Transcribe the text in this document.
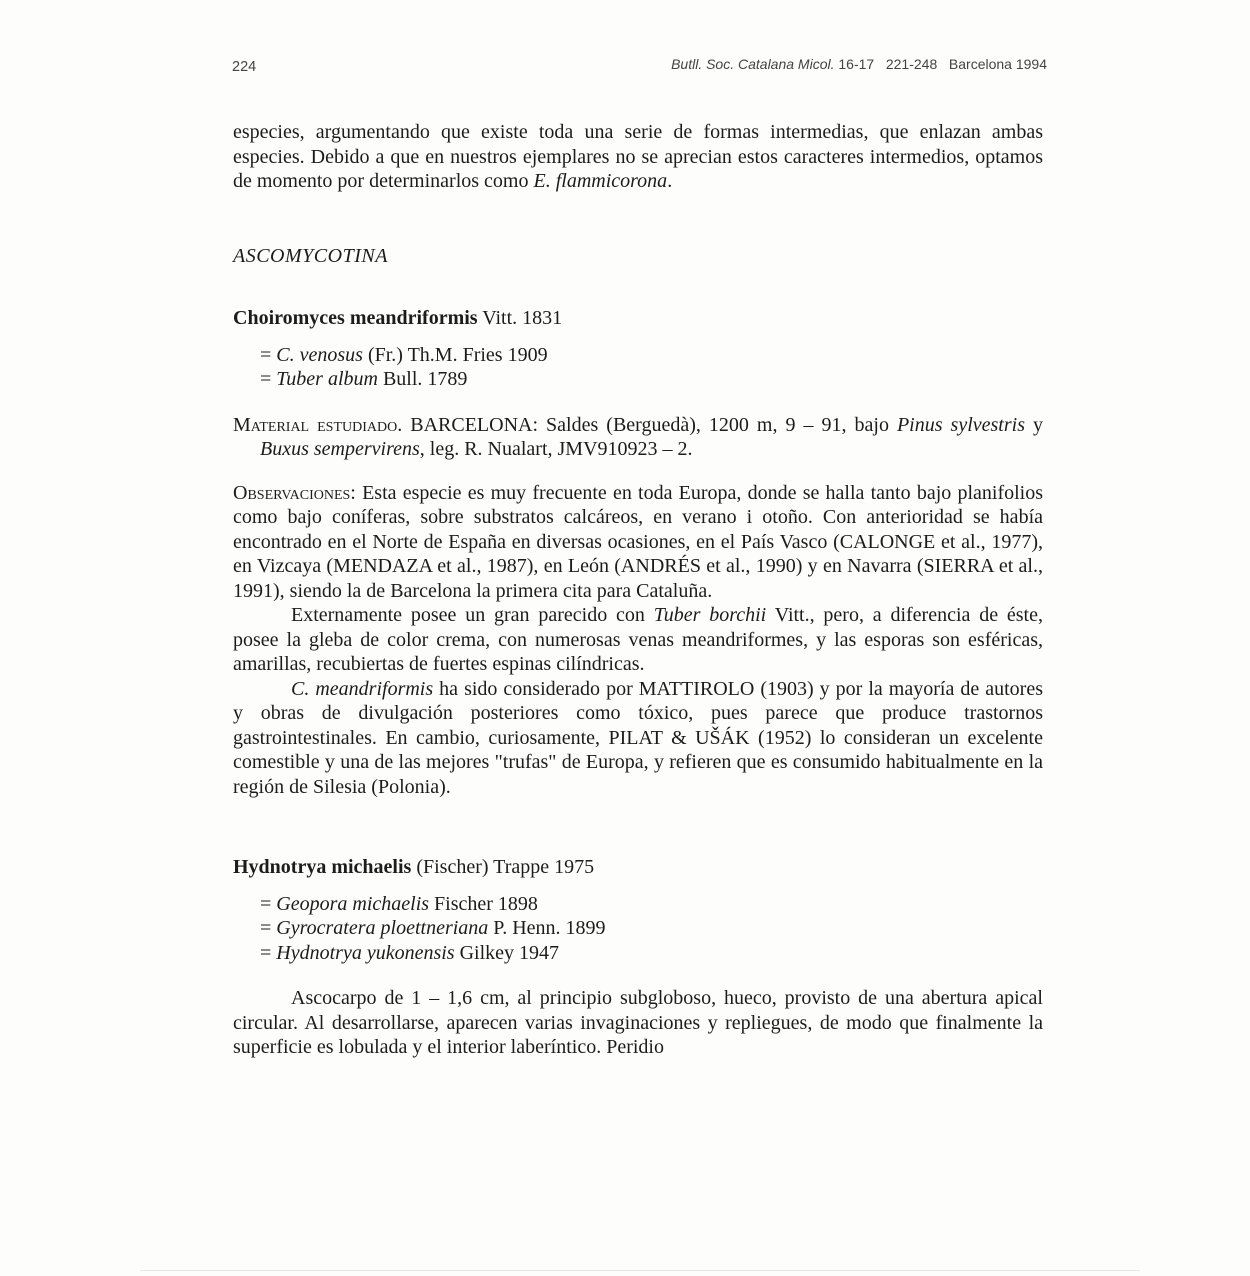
224	Butll. Soc. Catalana Micol. 16-17 221-248 Barcelona 1994

especies, argumentando que existe toda una serie de formas intermedias, que enlazan ambas especies. Debido a que en nuestros ejemplares no se aprecian estos caracteres intermedios, optamos de momento por determinarlos como E. flammicorona.

ASCOMYCOTINA
Choiromyces meandriformis Vitt. 1831
= C. venosus (Fr.) Th.M. Fries 1909
= Tuber album Bull. 1789

Material estudiado. BARCELONA: Saldes (Berguedà), 1200 m, 9 – 91, bajo Pinus sylvestris y Buxus sempervirens, leg. R. Nualart, JMV910923 – 2.

Observaciones: Esta especie es muy frecuente en toda Europa, donde se halla tanto bajo planifolios como bajo coníferas, sobre substratos calcáreos, en verano i otoño. Con anterioridad se había encontrado en el Norte de España en diversas ocasiones, en el País Vasco (CALONGE et al., 1977), en Vizcaya (MENDAZA et al., 1987), en León (ANDRÉS et al., 1990) y en Navarra (SIERRA et al., 1991), siendo la de Barcelona la primera cita para Cataluña.

Externamente posee un gran parecido con Tuber borchii Vitt., pero, a diferencia de éste, posee la gleba de color crema, con numerosas venas meandriformes, y las esporas son esféricas, amarillas, recubiertas de fuertes espinas cilíndricas.

C. meandriformis ha sido considerado por MATTIROLO (1903) y por la mayoría de autores y obras de divulgación posteriores como tóxico, pues parece que produce trastornos gastrointestinales. En cambio, curiosamente, PILAT & UŠÁK (1952) lo consideran un excelente comestible y una de las mejores "trufas" de Europa, y refieren que es consumido habitualmente en la región de Silesia (Polonia).

Hydnotrya michaelis (Fischer) Trappe 1975
= Geopora michaelis Fischer 1898
= Gyrocratera ploettneriana P. Henn. 1899
= Hydnotrya yukonensis Gilkey 1947

Ascocarpo de 1 – 1,6 cm, al principio subgloboso, hueco, provisto de una abertura apical circular. Al desarrollarse, aparecen varias invaginaciones y repliegues, de modo que finalmente la superficie es lobulada y el interior laberíntico. Peridio
